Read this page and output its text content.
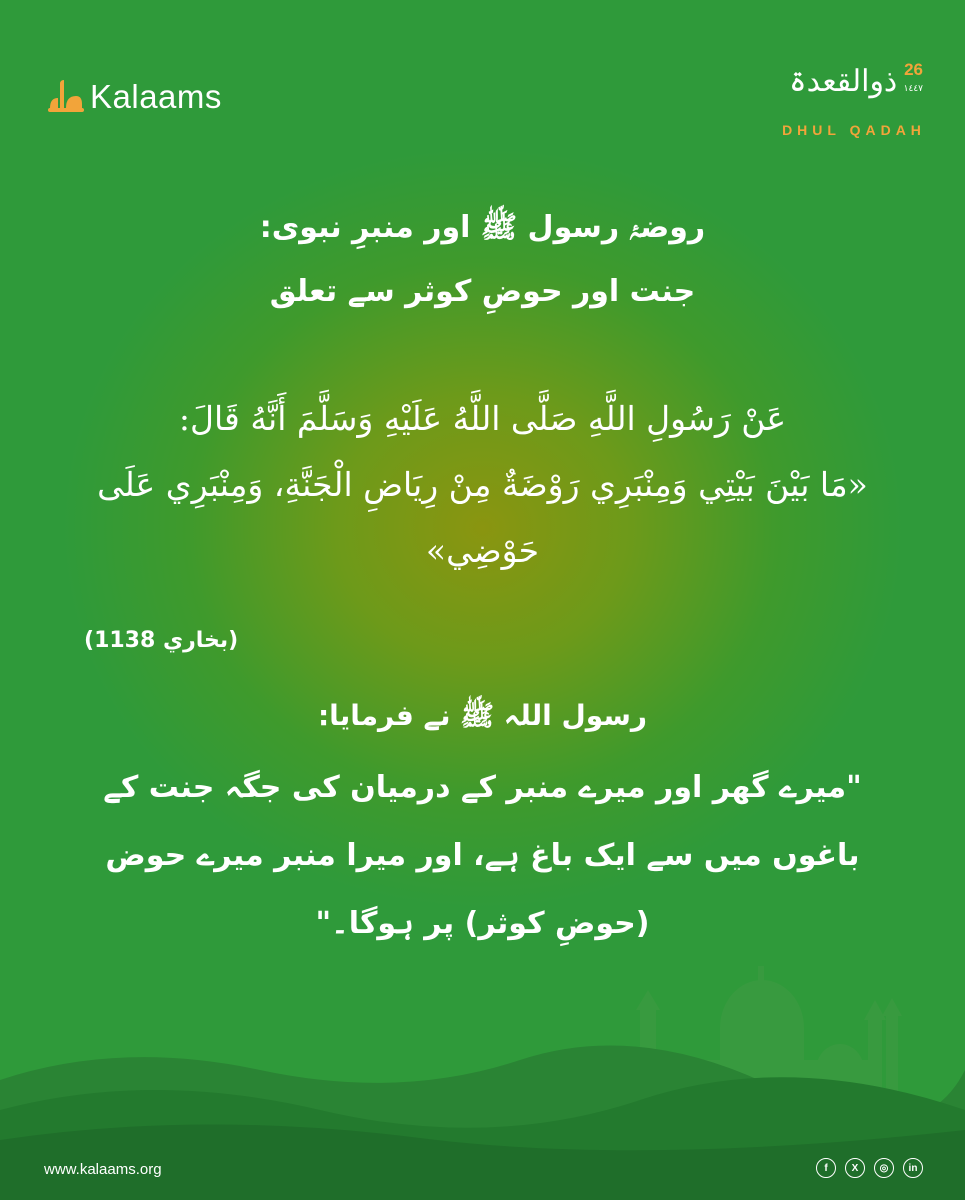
Kalaams	ذوالقعدۃ 26
١٤٤٧
DHUL QADAH
روضۂ رسول ﷺ اور منبرِ نبوی:
جنت اور حوضِ کوثر سے تعلق
عَنْ رَسُولِ اللَّهِ صَلَّى اللَّهُ عَلَيْهِ وَسَلَّمَ أَنَّهُ قَالَ:
«مَا بَيْنَ بَيْتِي وَمِنْبَرِي رَوْضَةٌ مِنْ رِيَاضِ الْجَنَّةِ، وَمِنْبَرِي عَلَى
حَوْضِي»
(بخاري 1138)
رسول اللہ ﷺ نے فرمایا:
"میرے گھر اور میرے منبر کے درمیان کی جگہ جنت کے
باغوں میں سے ایک باغ ہے، اور میرا منبر میرے حوض
(حوضِ کوثر) پر ہوگا۔"
www.kalaams.org	f	X	◎	in
